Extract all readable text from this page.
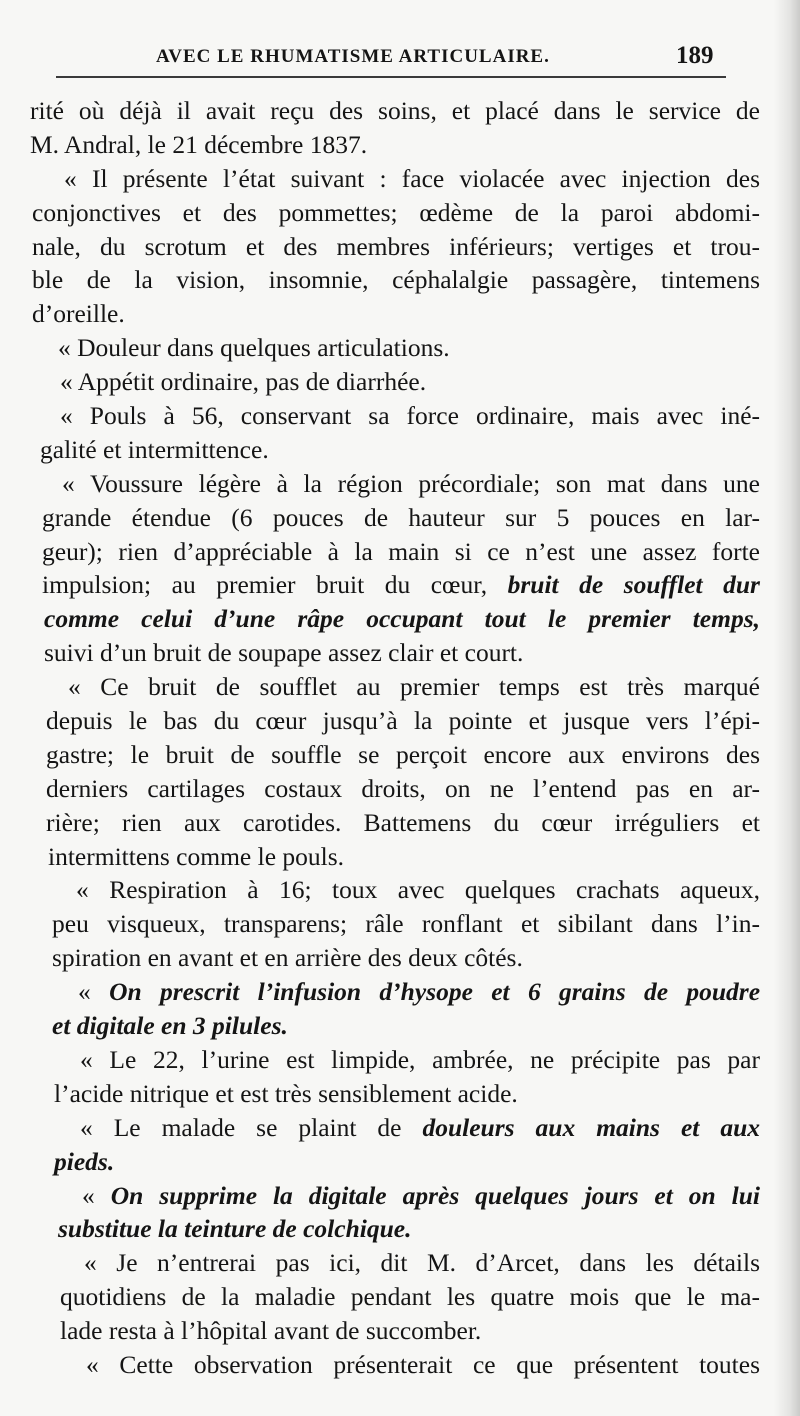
AVEC LE RHUMATISME ARTICULAIRE.	189
rité où déjà il avait reçu des soins, et placé dans le service de
M. Andral, le 21 décembre 1837.
« Il présente l’état suivant : face violacée avec injection des
conjonctives et des pommettes; œdème de la paroi abdomi-
nale, du scrotum et des membres inférieurs; vertiges et trou-
ble de la vision, insomnie, céphalalgie passagère, tintemens
d’oreille.
« Douleur dans quelques articulations.
« Appétit ordinaire, pas de diarrhée.
« Pouls à 56, conservant sa force ordinaire, mais avec iné-
galité et intermittence.
« Voussure légère à la région précordiale; son mat dans une
grande étendue (6 pouces de hauteur sur 5 pouces en lar-
geur); rien d’appréciable à la main si ce n’est une assez forte
impulsion; au premier bruit du cœur, bruit de soufflet dur
comme celui d’une râpe occupant tout le premier temps,
suivi d’un bruit de soupape assez clair et court.
« Ce bruit de soufflet au premier temps est très marqué
depuis le bas du cœur jusqu’à la pointe et jusque vers l’épi-
gastre; le bruit de souffle se perçoit encore aux environs des
derniers cartilages costaux droits, on ne l’entend pas en ar-
rière; rien aux carotides. Battemens du cœur irréguliers et
intermittens comme le pouls.
« Respiration à 16; toux avec quelques crachats aqueux,
peu visqueux, transparens; râle ronflant et sibilant dans l’in-
spiration en avant et en arrière des deux côtés.
« On prescrit l’infusion d’hysope et 6 grains de poudre
et digitale en 3 pilules.
« Le 22, l’urine est limpide, ambrée, ne précipite pas par
l’acide nitrique et est très sensiblement acide.
« Le malade se plaint de douleurs aux mains et aux
pieds.
« On supprime la digitale après quelques jours et on lui
substitue la teinture de colchique.
« Je n’entrerai pas ici, dit M. d’Arcet, dans les détails
quotidiens de la maladie pendant les quatre mois que le ma-
lade resta à l’hôpital avant de succomber.
« Cette observation présenterait ce que présentent toutes
